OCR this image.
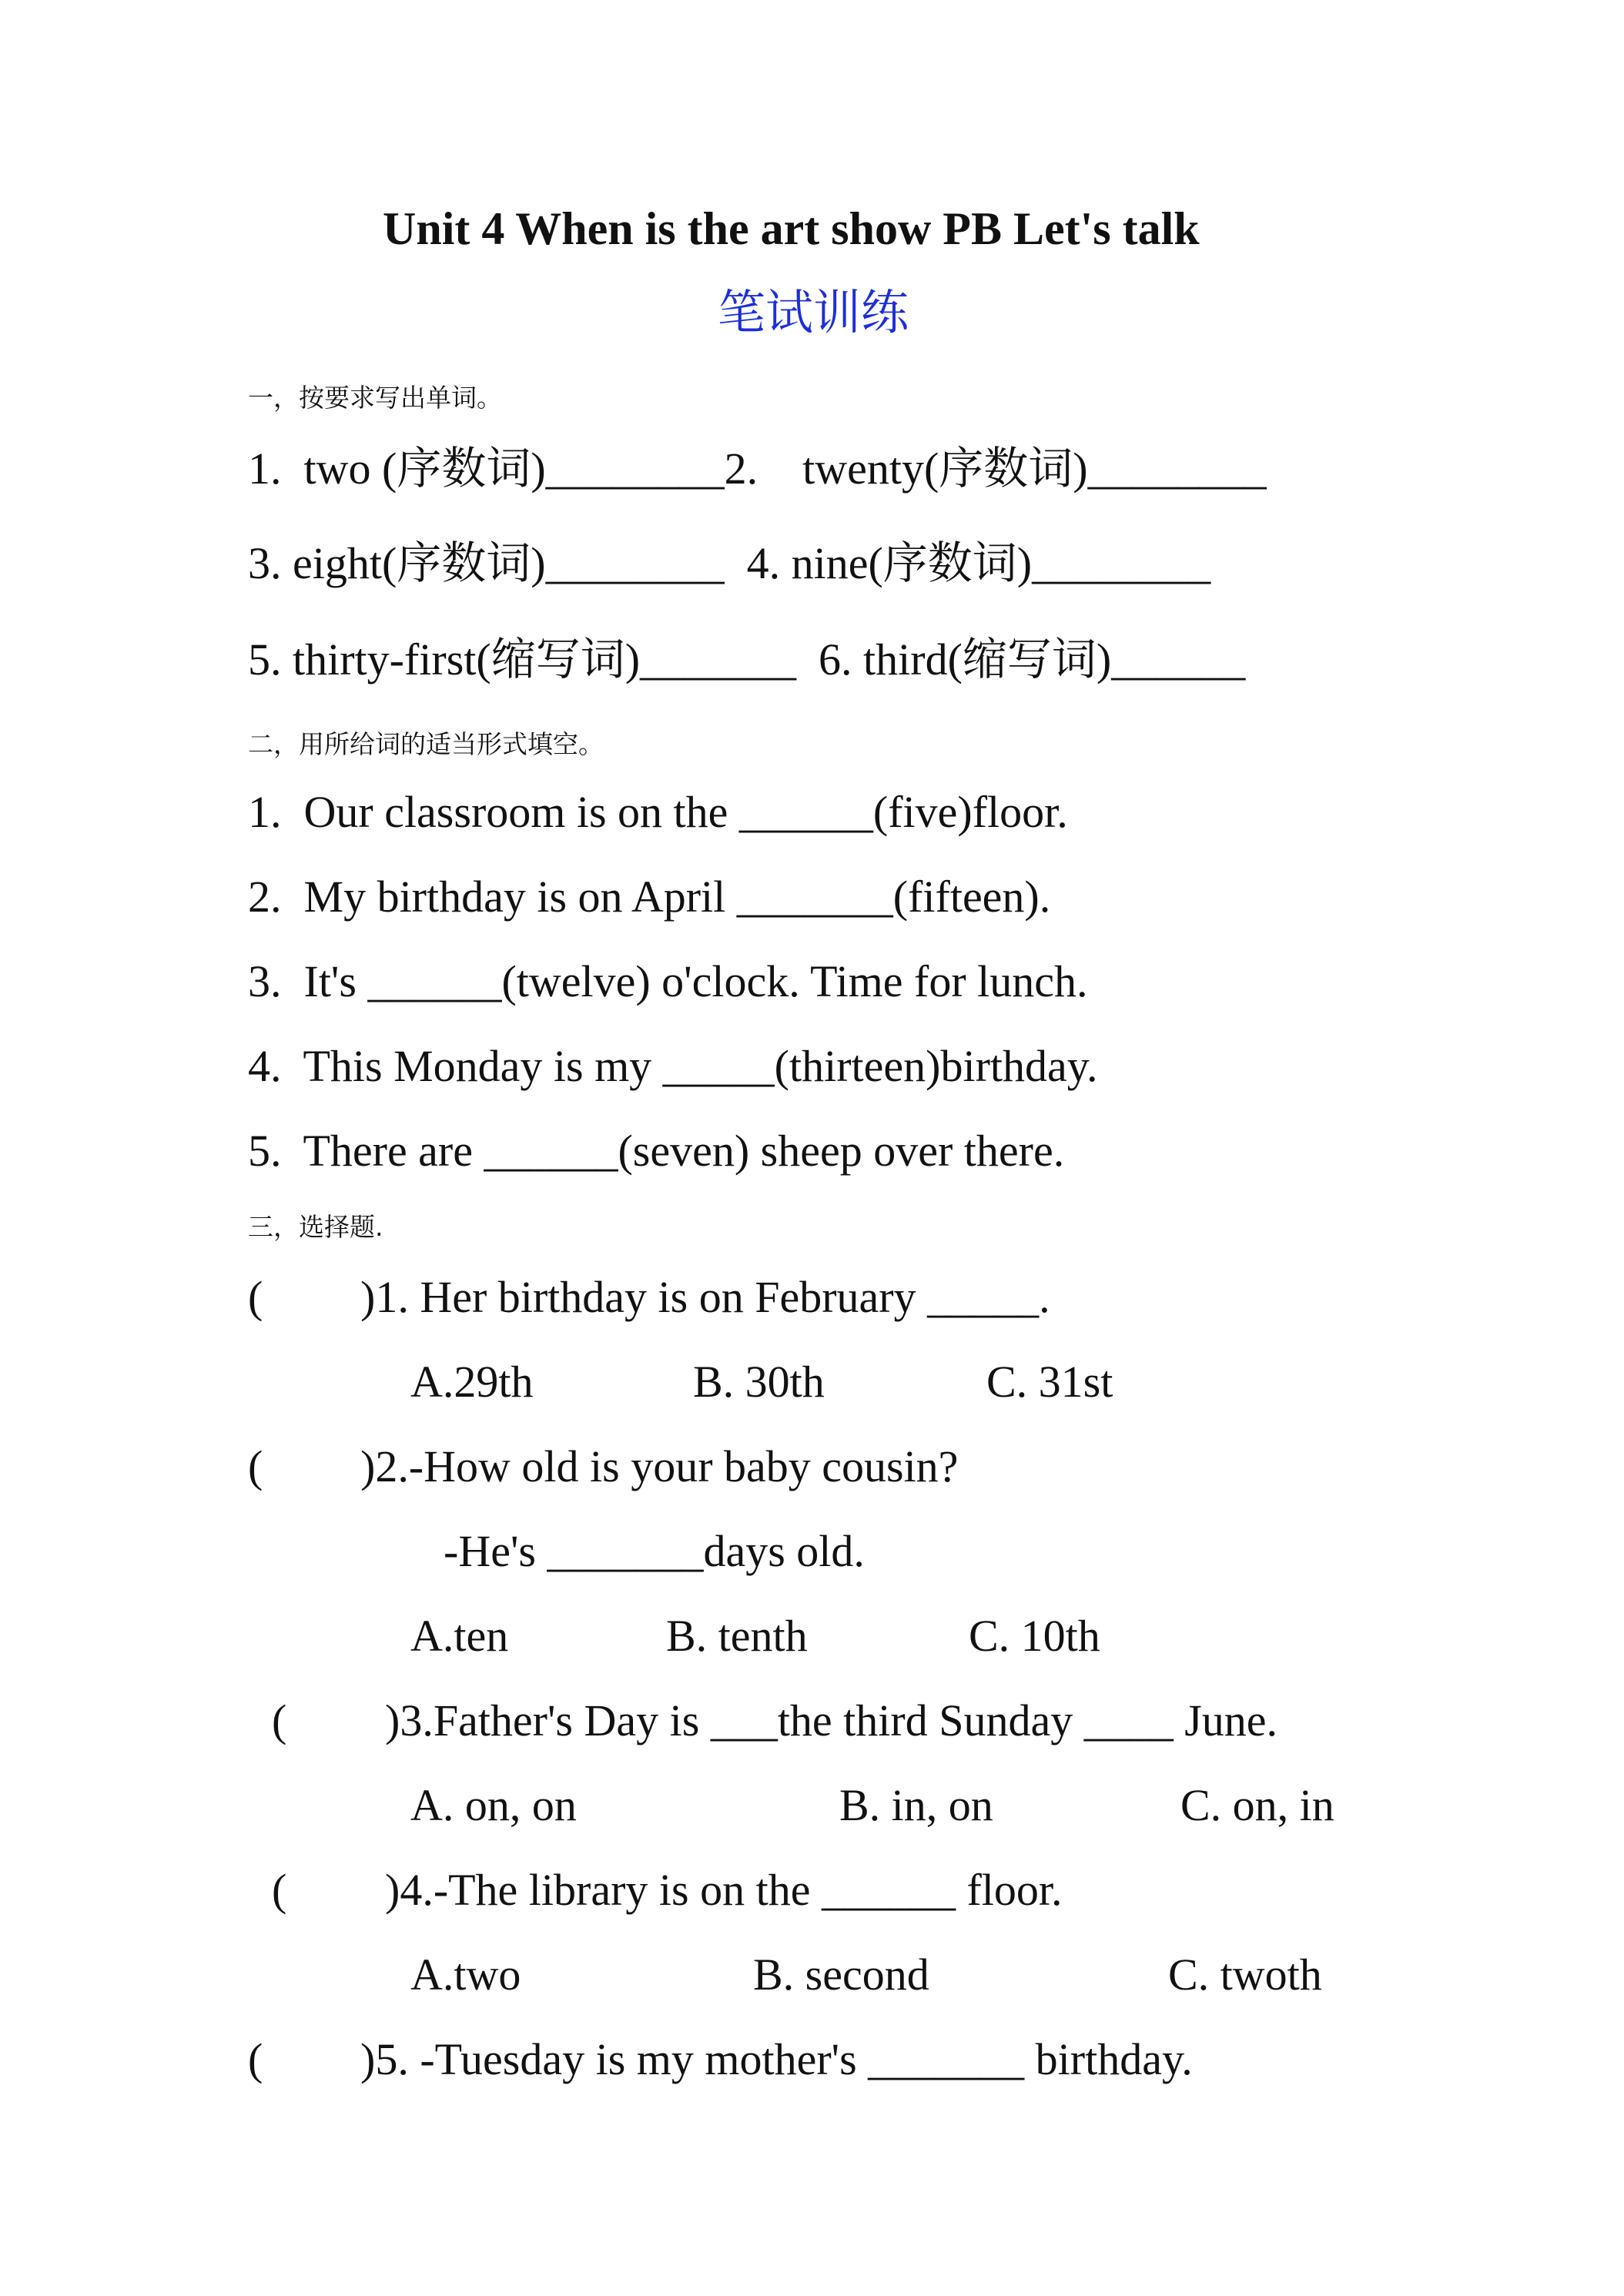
Unit 4 When is the art show PB Let's talk
笔试训练
一，按要求写出单词。
1.  two (序数词)________2.    twenty(序数词)________
3. eight(序数词)________  4. nine(序数词)________
5. thirty-first(缩写词)_______  6. third(缩写词)______
二，用所给词的适当形式填空。
1.  Our classroom is on the ______(five)floor.
2.  My birthday is on April _______(fifteen).
3.  It's ______(twelve) o'clock. Time for lunch.
4.  This Monday is my _____(thirteen)birthday.
5.  There are ______(seven) sheep over there.
三，选择题.
( )1. Her birthday is on February _____.
A.29th	B. 30th	C. 31st
( )2.-How old is your baby cousin?
-He's _______days old.
A.ten	B. tenth	C. 10th
( )3.Father's Day is ___the third Sunday ____ June.
A. on, on	B. in, on	C. on, in
( )4.-The library is on the ______ floor.
A.two	B. second	C. twoth
( )5. -Tuesday is my mother's _______ birthday.
